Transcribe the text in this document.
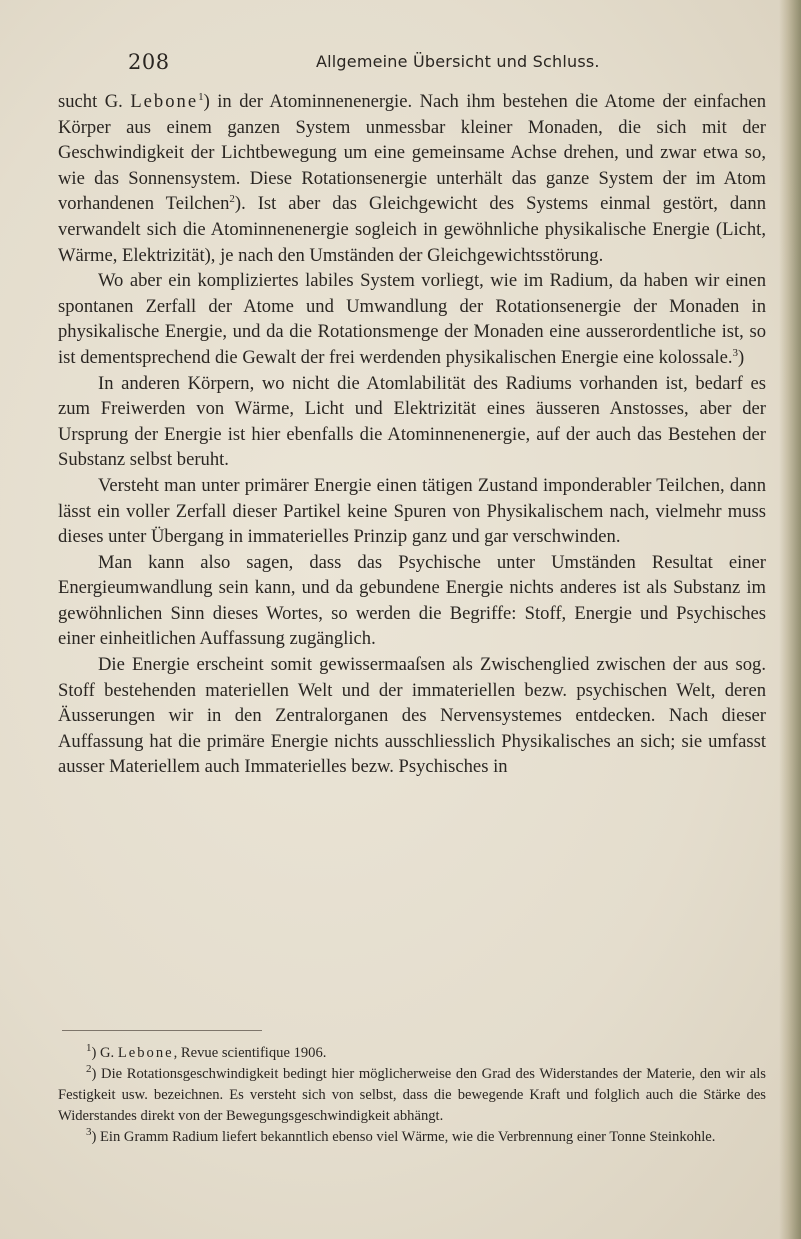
208	Allgemeine Übersicht und Schluss.

sucht G. Lebone$^1$) in der Atominnenenergie. Nach ihm bestehen die Atome der einfachen Körper aus einem ganzen System unmessbar kleiner Monaden, die sich mit der Geschwindigkeit der Lichtbewegung um eine gemeinsame Achse drehen, und zwar etwa so, wie das Sonnensystem. Diese Rotationsenergie unterhält das ganze System der im Atom vorhandenen Teilchen$^2$). Ist aber das Gleichgewicht des Systems einmal gestört, dann verwandelt sich die Atominnenenergie sogleich in gewöhnliche physikalische Energie (Licht, Wärme, Elektrizität), je nach den Umständen der Gleichgewichtsstörung.

Wo aber ein kompliziertes labiles System vorliegt, wie im Radium, da haben wir einen spontanen Zerfall der Atome und Umwandlung der Rotationsenergie der Monaden in physikalische Energie, und da die Rotationsmenge der Monaden eine ausserordentliche ist, so ist dementsprechend die Gewalt der frei werdenden physikalischen Energie eine kolossale.$^3$)

In anderen Körpern, wo nicht die Atomlabilität des Radiums vorhanden ist, bedarf es zum Freiwerden von Wärme, Licht und Elektrizität eines äusseren Anstosses, aber der Ursprung der Energie ist hier ebenfalls die Atominnenenergie, auf der auch das Bestehen der Substanz selbst beruht.

Versteht man unter primärer Energie einen tätigen Zustand imponderabler Teilchen, dann lässt ein voller Zerfall dieser Partikel keine Spuren von Physikalischem nach, vielmehr muss dieses unter Übergang in immaterielles Prinzip ganz und gar verschwinden.

Man kann also sagen, dass das Psychische unter Umständen Resultat einer Energieumwandlung sein kann, und da gebundene Energie nichts anderes ist als Substanz im gewöhnlichen Sinn dieses Wortes, so werden die Begriffe: Stoff, Energie und Psychisches einer einheitlichen Auffassung zugänglich.

Die Energie erscheint somit gewissermaaſsen als Zwischenglied zwischen der aus sog. Stoff bestehenden materiellen Welt und der immateriellen bezw. psychischen Welt, deren Äusserungen wir in den Zentralorganen des Nervensystemes entdecken. Nach dieser Auffassung hat die primäre Energie nichts ausschliesslich Physikalisches an sich; sie umfasst ausser Materiellem auch Immaterielles bezw. Psychisches in

$^1$) G. Lebone, Revue scientifique 1906.

$^2$) Die Rotationsgeschwindigkeit bedingt hier möglicherweise den Grad des Widerstandes der Materie, den wir als Festigkeit usw. bezeichnen. Es versteht sich von selbst, dass die bewegende Kraft und folglich auch die Stärke des Widerstandes direkt von der Bewegungsgeschwindigkeit abhängt.

$^3$) Ein Gramm Radium liefert bekanntlich ebenso viel Wärme, wie die Verbrennung einer Tonne Steinkohle.
